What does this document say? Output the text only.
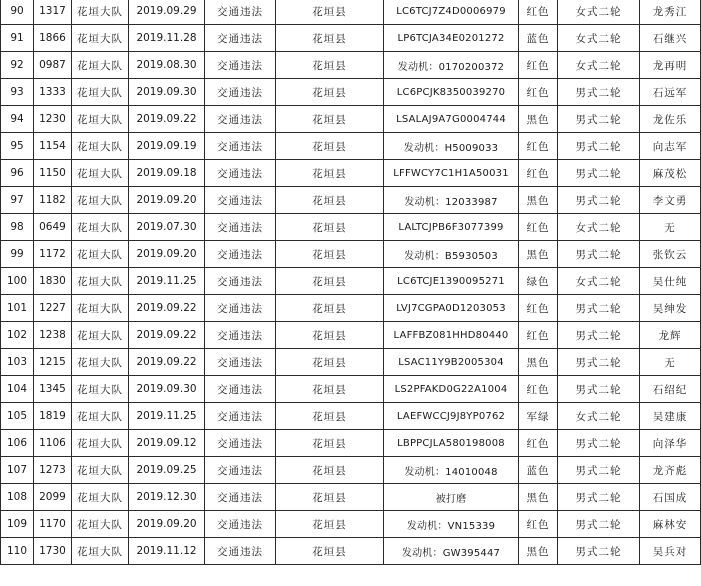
90	1317	花垣大队	2019.09.29	交通违法	花垣县	LC6TCJ7Z4D0006979	红色	女式二轮	龙秀江
91	1866	花垣大队	2019.11.28	交通违法	花垣县	LP6TCJA34E0201272	蓝色	女式二轮	石继兴
92	0987	花垣大队	2019.08.30	交通违法	花垣县	发动机：0170200372	红色	女式二轮	龙再明
93	1333	花垣大队	2019.09.30	交通违法	花垣县	LC6PCJK8350039270	红色	男式二轮	石远军
94	1230	花垣大队	2019.09.22	交通违法	花垣县	LSALAJ9A7G0004744	黑色	男式二轮	龙佐乐
95	1154	花垣大队	2019.09.19	交通违法	花垣县	发动机：H5009033	红色	男式二轮	向志军
96	1150	花垣大队	2019.09.18	交通违法	花垣县	LFFWCY7C1H1A50031	红色	男式二轮	麻茂松
97	1182	花垣大队	2019.09.20	交通违法	花垣县	发动机：12033987	黑色	男式二轮	李文勇
98	0649	花垣大队	2019.07.30	交通违法	花垣县	LALTCJPB6F3077399	红色	女式二轮	无
99	1172	花垣大队	2019.09.20	交通违法	花垣县	发动机：B5930503	黑色	男式二轮	张钦云
100	1830	花垣大队	2019.11.25	交通违法	花垣县	LC6TCJE1390095271	绿色	女式二轮	吴仕纯
101	1227	花垣大队	2019.09.22	交通违法	花垣县	LVJ7CGPA0D1203053	红色	男式二轮	吴绅发
102	1238	花垣大队	2019.09.22	交通违法	花垣县	LAFFBZ081HHD80440	红色	男式二轮	龙辉
103	1215	花垣大队	2019.09.22	交通违法	花垣县	LSAC11Y9B2005304	黑色	男式二轮	无
104	1345	花垣大队	2019.09.30	交通违法	花垣县	LS2PFAKD0G22A1004	红色	男式二轮	石绍纪
105	1819	花垣大队	2019.11.25	交通违法	花垣县	LAEFWCCJ9J8YP0762	军绿	女式二轮	吴建康
106	1106	花垣大队	2019.09.12	交通违法	花垣县	LBPPCJLA580198008	红色	男式二轮	向泽华
107	1273	花垣大队	2019.09.25	交通违法	花垣县	发动机：14010048	蓝色	男式二轮	龙齐彪
108	2099	花垣大队	2019.12.30	交通违法	花垣县	被打磨	黑色	男式二轮	石国成
109	1170	花垣大队	2019.09.20	交通违法	花垣县	发动机：VN15339	红色	男式二轮	麻林安
110	1730	花垣大队	2019.11.12	交通违法	花垣县	发动机：GW395447	黑色	男式二轮	吴兵对
